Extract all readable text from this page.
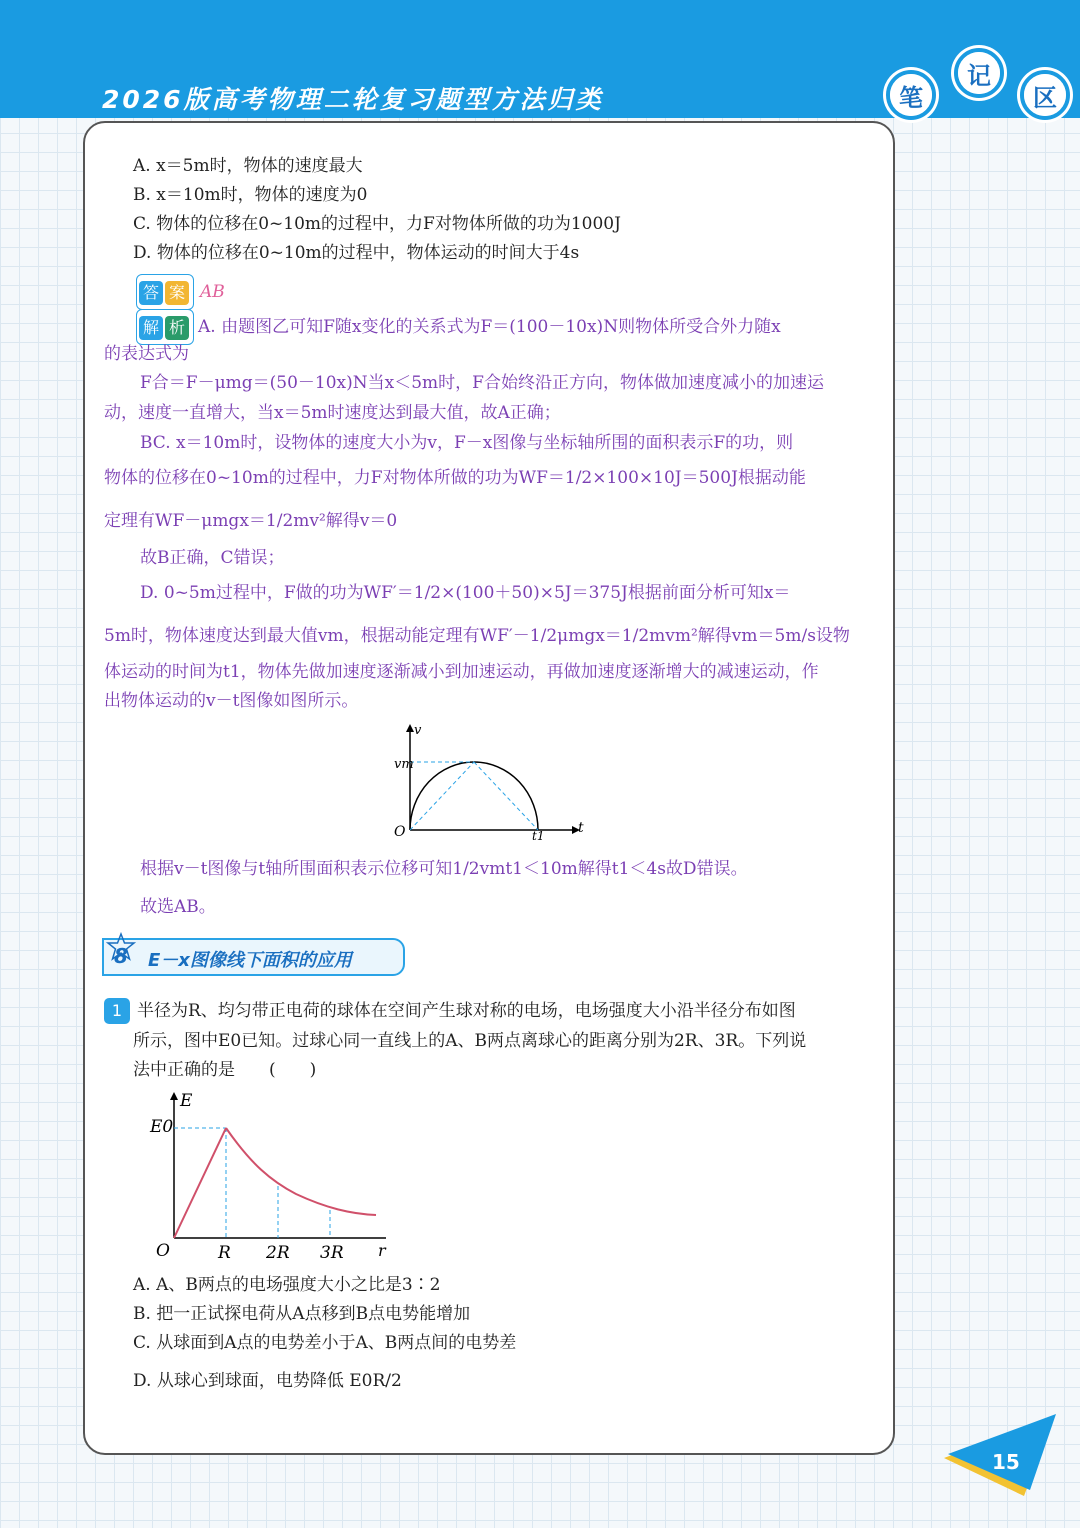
2026版高考物理二轮复习题型方法归类	笔
记
区
A. x＝5m时，物体的速度最大
B. x＝10m时，物体的速度为0
C. 物体的位移在0~10m的过程中，力F对物体所做的功为1000J
D. 物体的位移在0~10m的过程中，物体运动的时间大于4s
答 案 AB
解 析 A. 由题图乙可知F随x变化的关系式为F＝(100－10x)N则物体所受合外力随x
的表达式为
F合＝F－μmg＝(50－10x)N当x＜5m时，F合始终沿正方向，物体做加速度减小的加速运
动，速度一直增大，当x＝5m时速度达到最大值，故A正确；
BC. x＝10m时，设物体的速度大小为v，F－x图像与坐标轴所围的面积表示F的功，则
物体的位移在0~10m的过程中，力F对物体所做的功为WF＝1/2×100×10J＝500J根据动能
定理有WF－μmgx＝1/2mv²解得v＝0
故B正确，C错误；
D. 0~5m过程中，F做的功为WF′＝1/2×(100＋50)×5J＝375J根据前面分析可知x＝
5m时，物体速度达到最大值vm，根据动能定理有WF′－1/2μmgx＝1/2mvm²解得vm＝5m/s设物
体运动的时间为t1，物体先做加速度逐渐减小到加速运动，再做加速度逐渐增大的减速运动，作
出物体运动的v－t图像如图所示。
v
vm
O	t1 t
根据v－t图像与t轴所围面积表示位移可知1/2vmt1＜10m解得t1＜4s故D错误。
故选AB。
8	E－x图像线下面积的应用
1 半径为R、均匀带正电荷的球体在空间产生球对称的电场，电场强度大小沿半径分布如图
所示，图中E0已知。过球心同一直线上的A、B两点离球心的距离分别为2R、3R。下列说
法中正确的是　　(　　)
E
E0
O	R 2R 3R r
A. A、B两点的电场强度大小之比是3∶2
B. 把一正试探电荷从A点移到B点电势能增加
C. 从球面到A点的电势差小于A、B两点间的电势差
D. 从球心到球面，电势降低 E0R/2
15
